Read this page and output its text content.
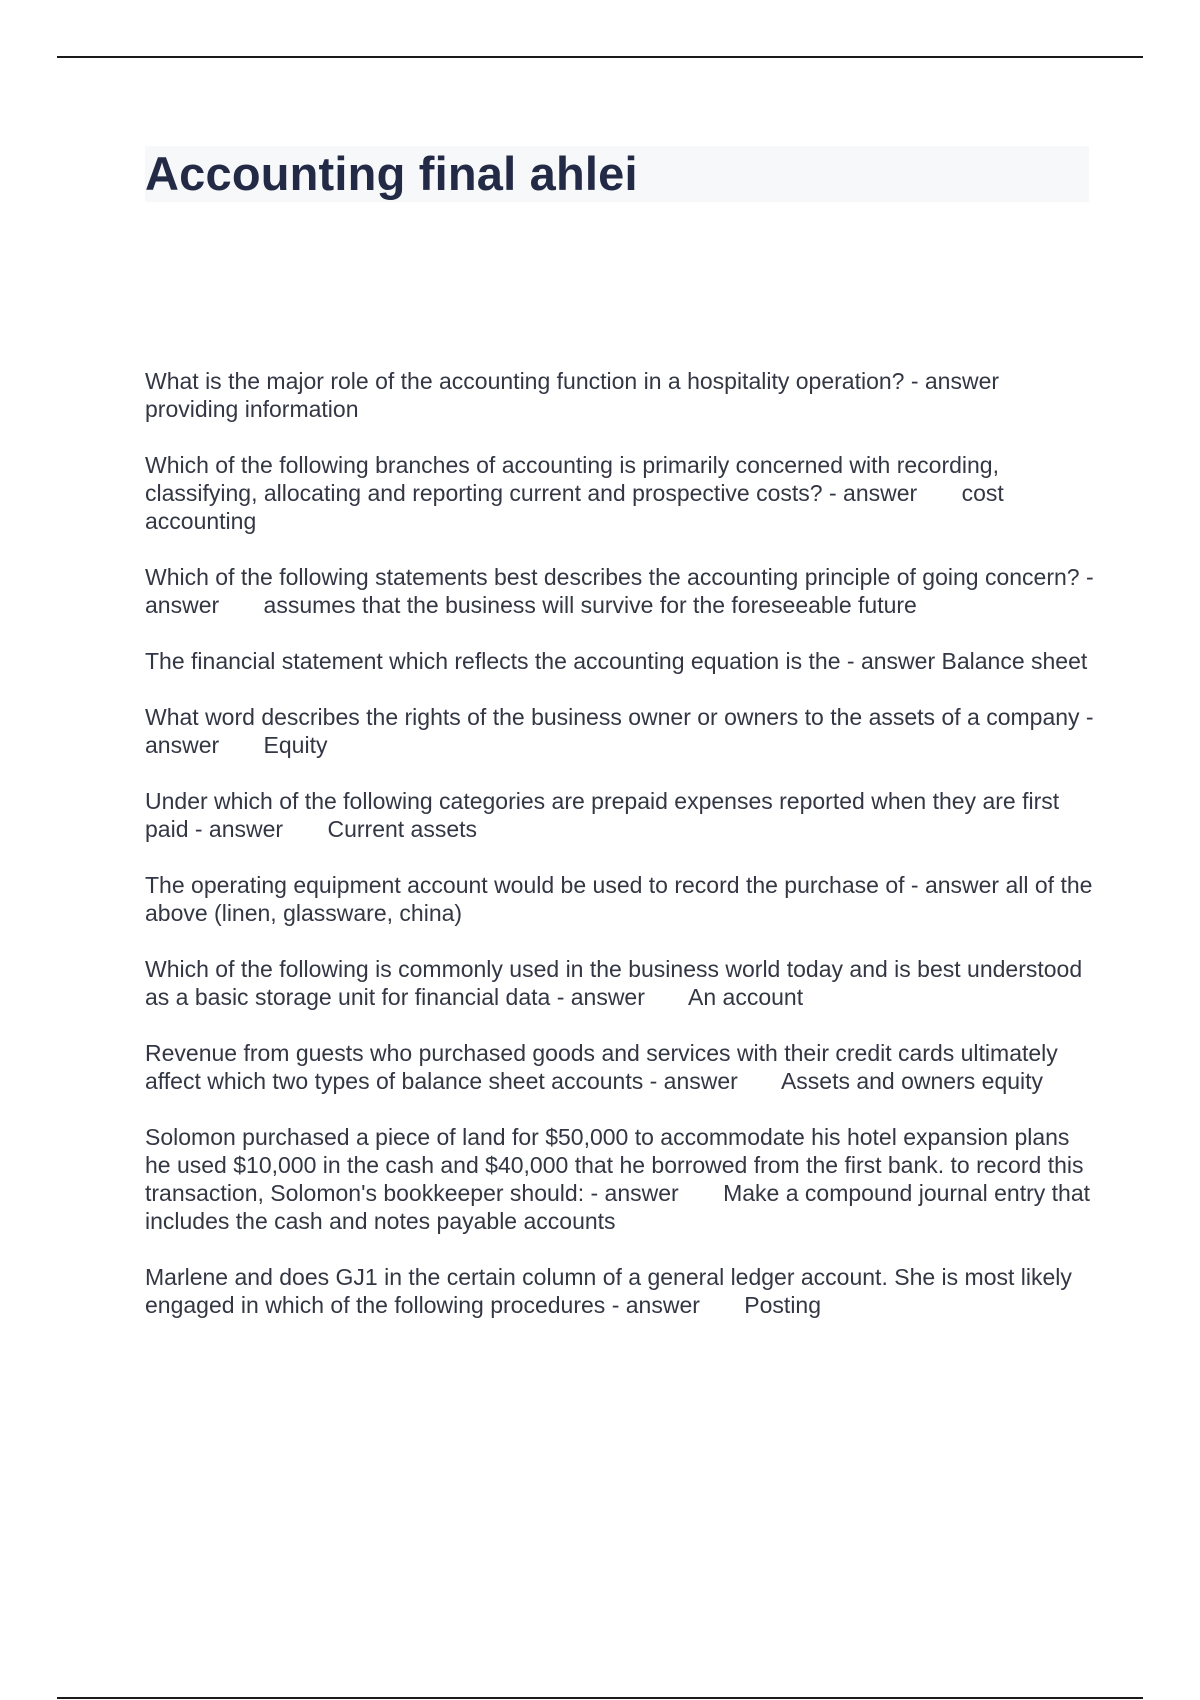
Accounting final ahlei
What is the major role of the accounting function in a hospitality operation? - answer providing information
Which of the following branches of accounting is primarily concerned with recording, classifying, allocating and reporting current and prospective costs? - answer cost accounting
Which of the following statements best describes the accounting principle of going concern? - answer assumes that the business will survive for the foreseeable future
The financial statement which reflects the accounting equation is the - answer Balance sheet
What word describes the rights of the business owner or owners to the assets of a company - answer Equity
Under which of the following categories are prepaid expenses reported when they are first paid - answer Current assets
The operating equipment account would be used to record the purchase of - answer all of the above (linen, glassware, china)
Which of the following is commonly used in the business world today and is best understood as a basic storage unit for financial data - answer An account
Revenue from guests who purchased goods and services with their credit cards ultimately affect which two types of balance sheet accounts - answer Assets and owners equity
Solomon purchased a piece of land for $50,000 to accommodate his hotel expansion plans he used $10,000 in the cash and $40,000 that he borrowed from the first bank. to record this transaction, Solomon's bookkeeper should: - answer Make a compound journal entry that includes the cash and notes payable accounts
Marlene and does GJ1 in the certain column of a general ledger account. She is most likely engaged in which of the following procedures - answer Posting
